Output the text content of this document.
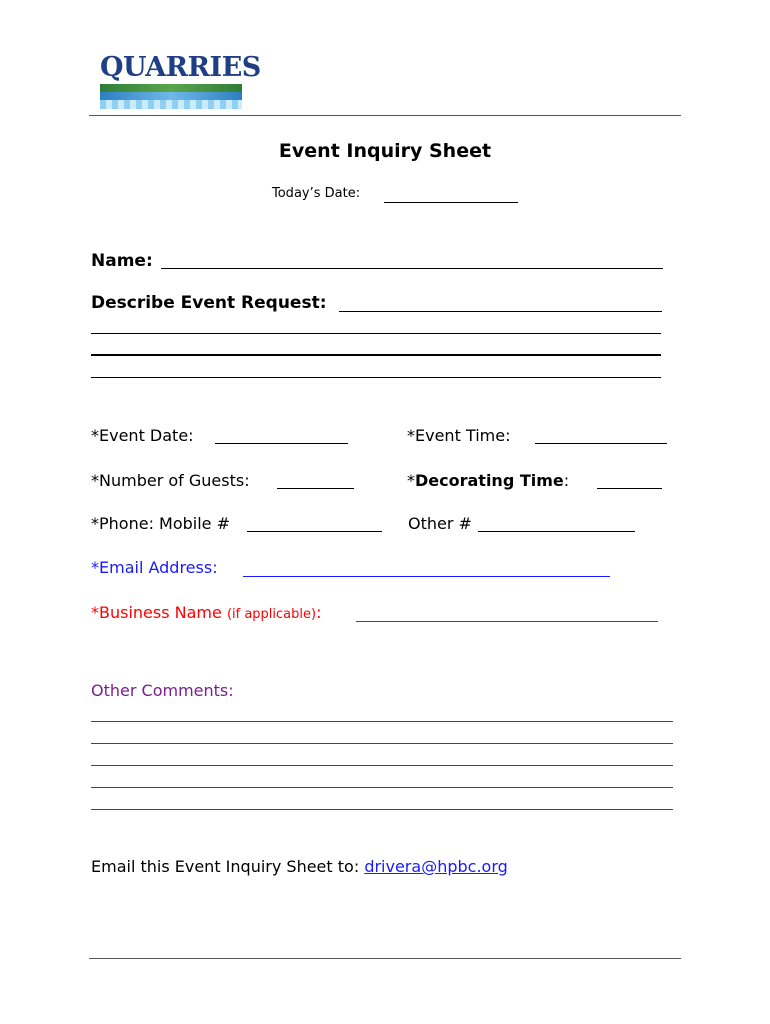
QUARRIES
Event Inquiry Sheet
Today’s Date:
Name:
Describe Event Request:
*Event Date:	*Event Time:
*Number of Guests:	*Decorating Time:
*Phone: Mobile #	Other #
*Email Address:
*Business Name (if applicable):
Other Comments:
Email this Event Inquiry Sheet to: drivera@hpbc.org
